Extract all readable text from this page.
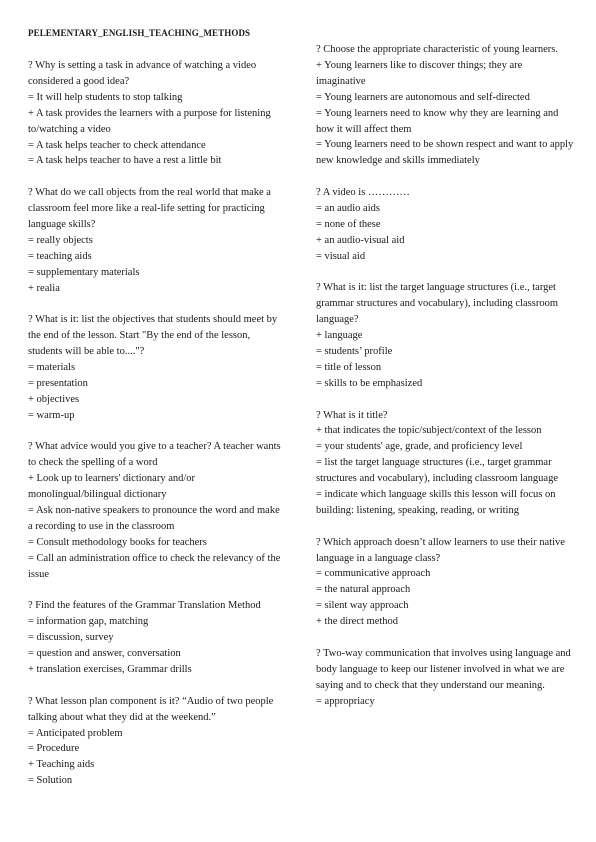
PELEMENTARY_ENGLISH_TEACHING_METHODS
? Why is setting a task in advance of watching a video considered a good idea?
= It will help students to stop talking
+ A task provides the learners with a purpose for listening to/watching a video
= A task helps teacher to check attendance
= A task helps teacher to have a rest a little bit
? What do we call objects from the real world that make a classroom feel more like a real-life setting for practicing language skills?
= really objects
= teaching aids
= supplementary materials
+ realia
? What is it: list the objectives that students should meet by the end of the lesson. Start "By the end of the lesson, students will be able to...."?
= materials
= presentation
+ objectives
= warm-up
? What advice would you give to a teacher? A teacher wants to check the spelling of a word
+ Look up to learners' dictionary and/or monolingual/bilingual dictionary
= Ask non-native speakers to pronounce the word and make a recording to use in the classroom
= Consult methodology books for teachers
= Call an administration office to check the relevancy of the issue
? Find the features of the Grammar Translation Method
= information gap, matching
= discussion, survey
= question and answer, conversation
+ translation exercises, Grammar drills
? What lesson plan component is it? “Audio of two people talking about what they did at the weekend.”
= Anticipated problem
= Procedure
+ Teaching aids
= Solution
? Choose the appropriate characteristic of young learners.
+ Young learners like to discover things; they are imaginative
= Young learners are autonomous and self-directed
= Young learners need to know why they are learning and how it will affect them
= Young learners need to be shown respect and want to apply new knowledge and skills immediately
? A video is …………
= an audio aids
= none of these
+ an audio-visual aid
= visual aid
? What is it: list the target language structures (i.e., target grammar structures and vocabulary), including classroom language?
+ language
= students’ profile
= title of lesson
= skills to be emphasized
? What is it title?
+ that indicates the topic/subject/context of the lesson
= your students' age, grade, and proficiency level
= list the target language structures (i.e., target grammar structures and vocabulary), including classroom language
= indicate which language skills this lesson will focus on building: listening, speaking, reading, or writing
? Which approach doesn’t allow learners to use their native language in a language class?
= communicative approach
= the natural approach
= silent way approach
+ the direct method
? Two-way communication that involves using language and body language to keep our listener involved in what we are saying and to check that they understand our meaning.
= appropriacy
